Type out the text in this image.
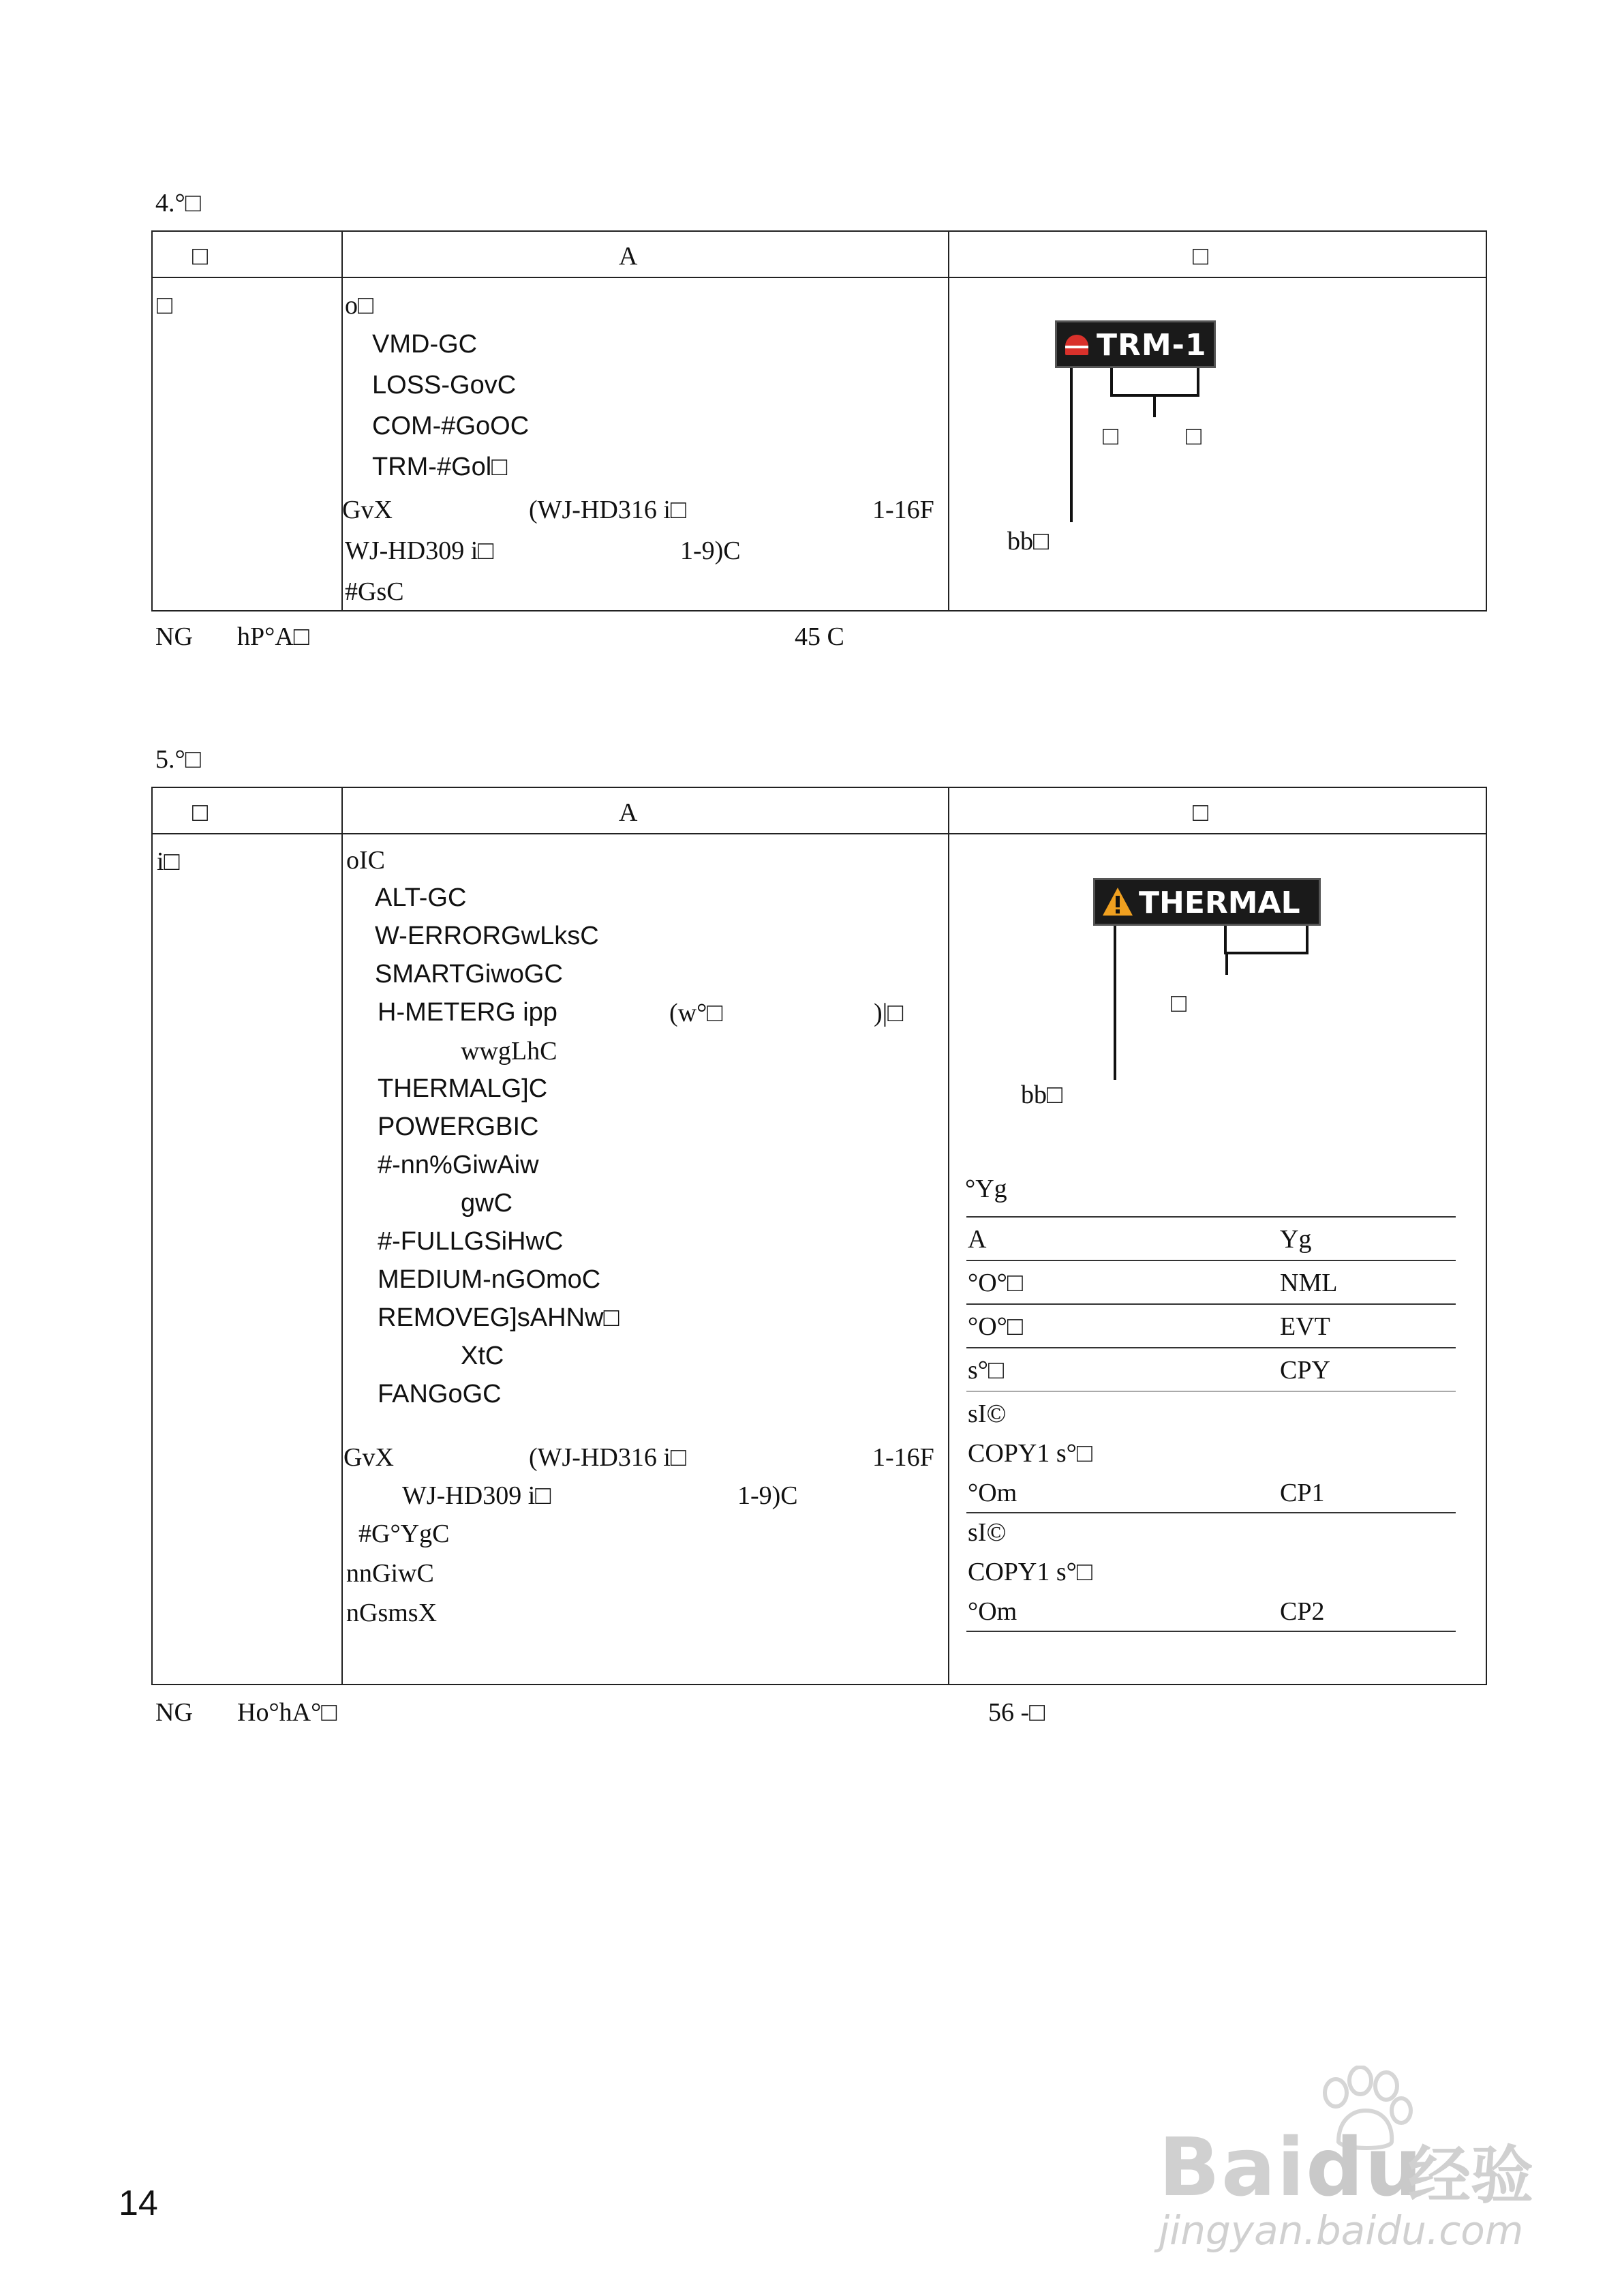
4.°□
□	A	□
□	o□
VMD-GC
LOSS-GovC
COM-#GoOC
TRM-#Gol□
GvX	(WJ-HD316 i□	1-16F
WJ-HD309 i□	1-9)C
#GsC
TRM-1
□	□
bb□
NG hP°A□	45 C
5.°□
□	A	□
i□	oIC
ALT-GC
W-ERRORGwLksC
SMARTGiwoGC
H-METERG ipp	(w°□	)|□
wwgLhC
THERMALG]C
POWERGBIC
#-nn%GiwAiw
gwC
#-FULLGSiHwC
MEDIUM-nGOmoC
REMOVEG]sAHNw□
XtC
FANGoGC
GvX	(WJ-HD316 i□	1-16F
WJ-HD309 i□	1-9)C
#G°YgC
nnGiwC
nGsmsX
THERMAL
□
bb□
°Yg
A	Yg
°O°□	NML
°O°□	EVT
s°□	CPY
sI©
COPY1 s°□
°Om	CP1
sI©
COPY1 s°□
°Om	CP2
NG Ho°hA°□	56 -□
14	Baidu
经验
jingyan.baidu.com
